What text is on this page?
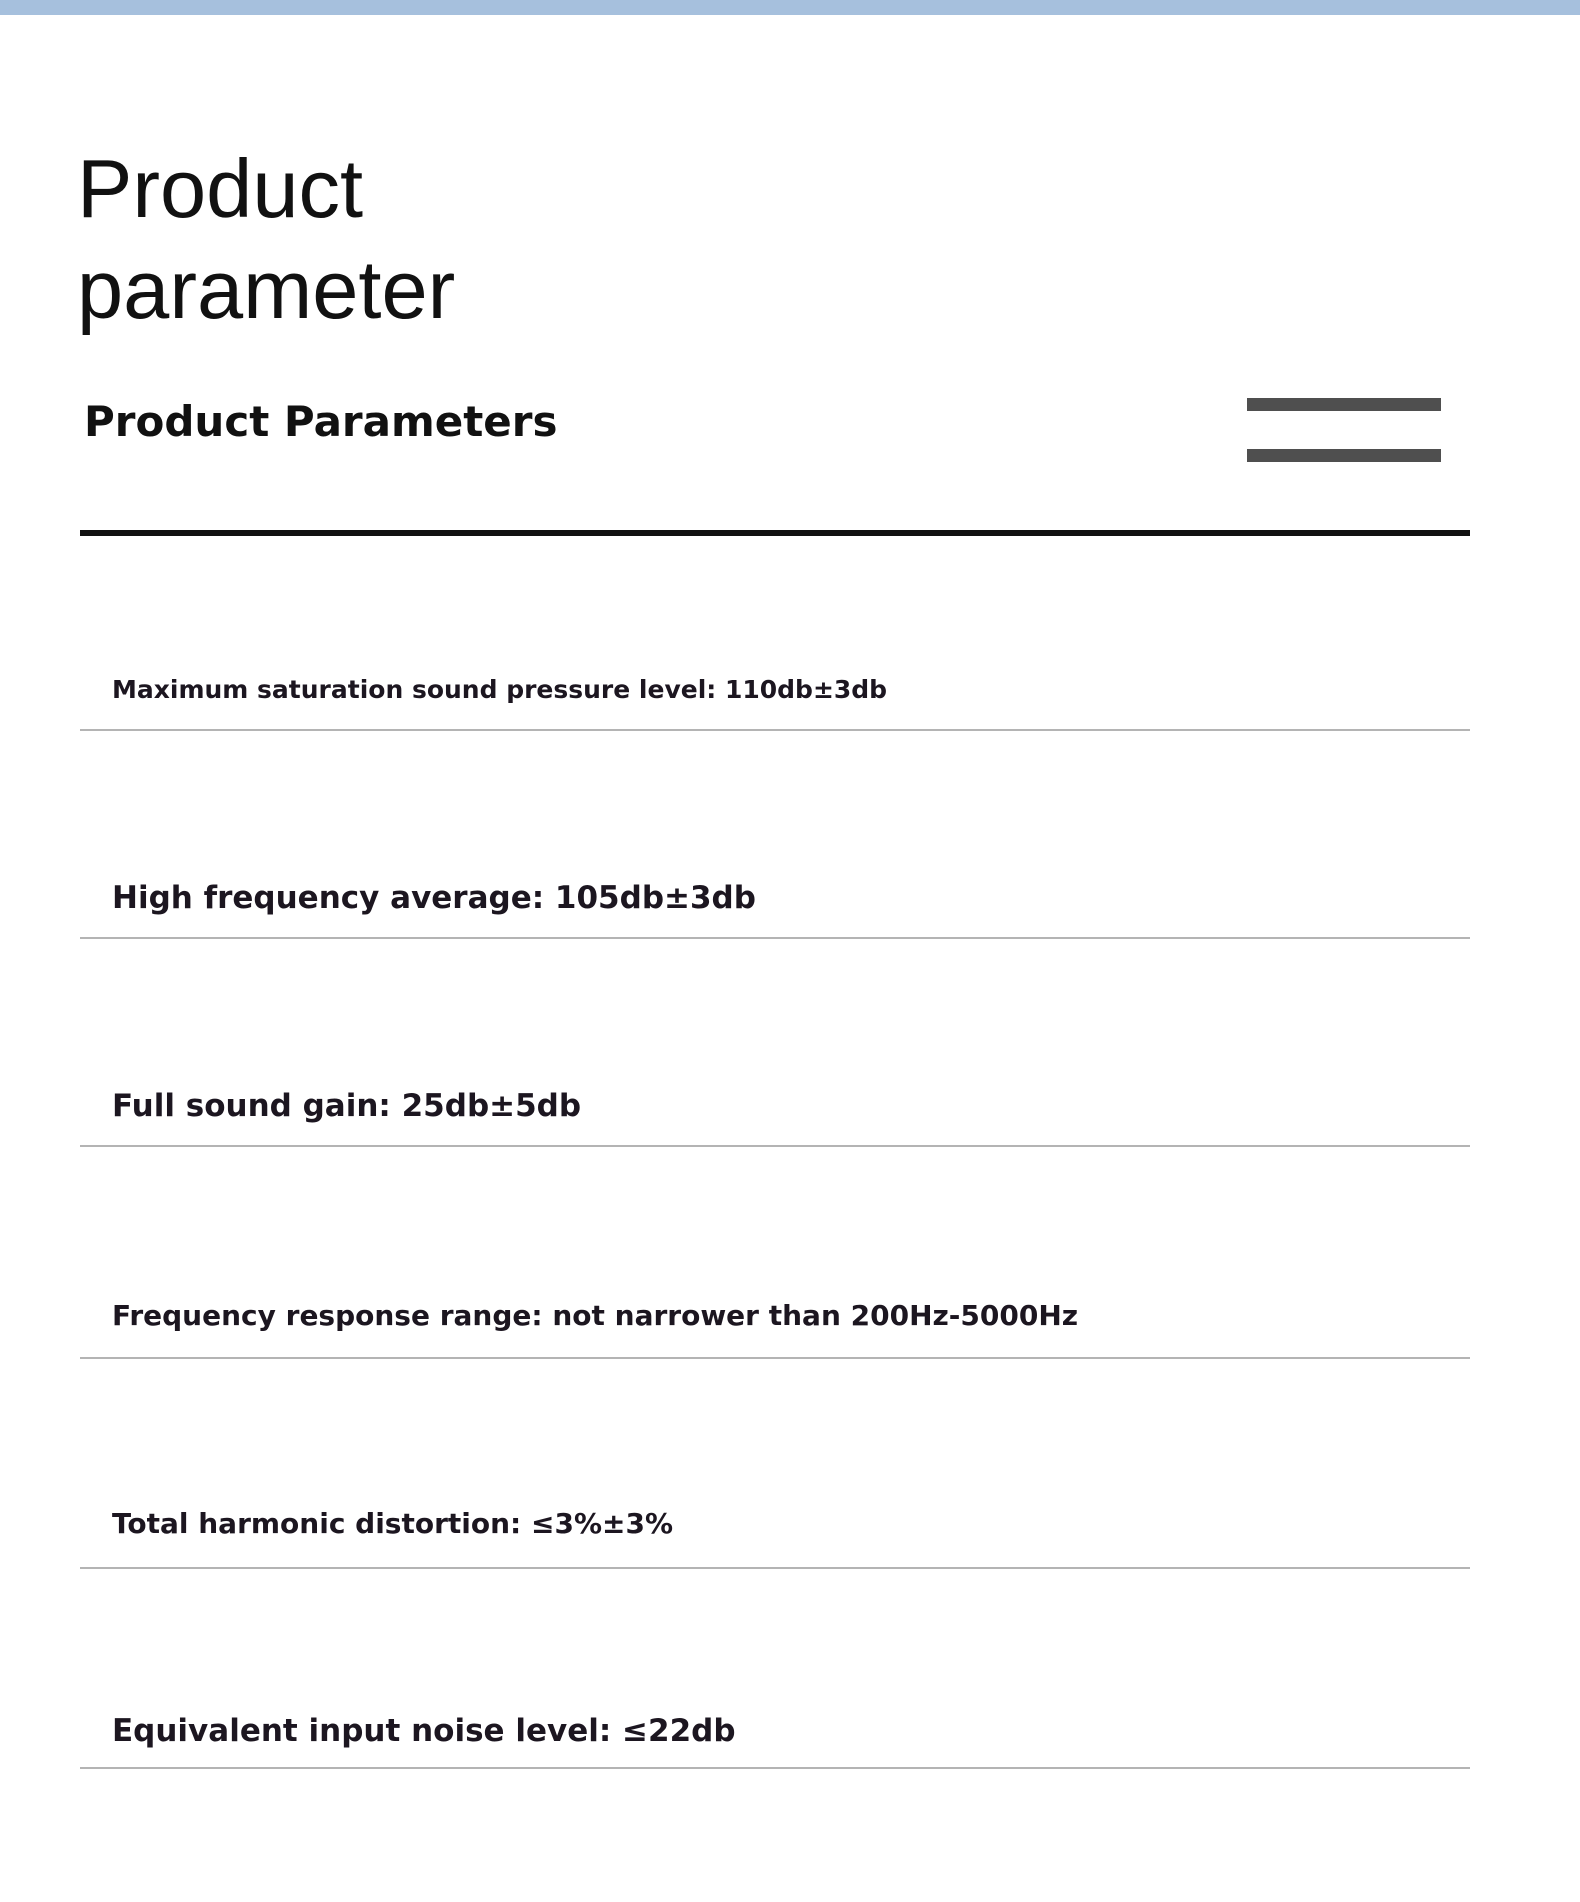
Product
parameter
Product Parameters
Maximum saturation sound pressure level: 110db±3db
High frequency average: 105db±3db
Full sound gain: 25db±5db
Frequency response range: not narrower than 200Hz-5000Hz
Total harmonic distortion: ≤3%±3%
Equivalent input noise level: ≤22db
